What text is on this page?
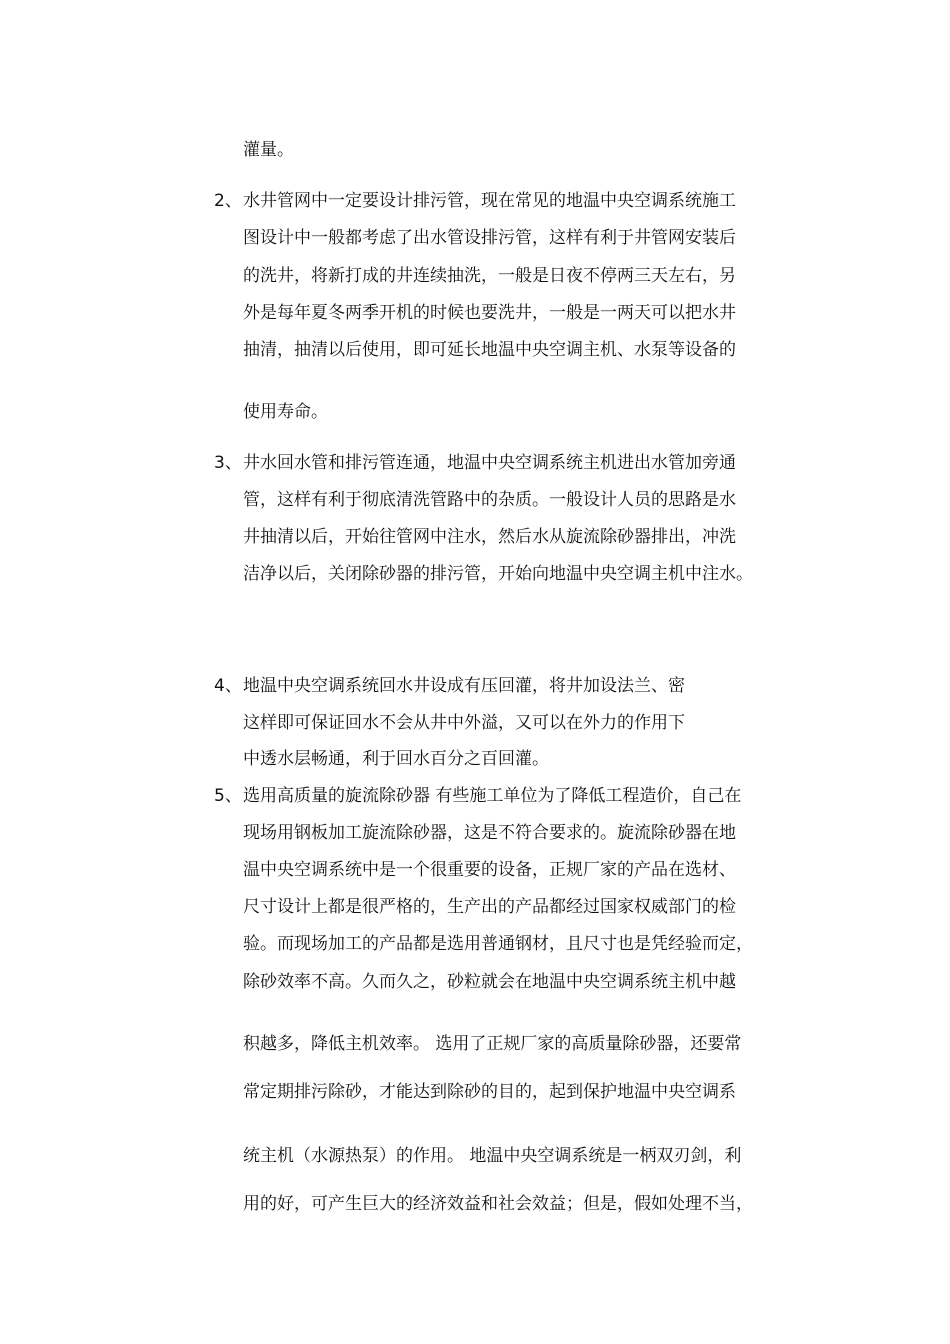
灌量。
2、 水井管网中一定要设计排污管，现在常见的地温中央空调系统施工
图设计中一般都考虑了出水管设排污管，这样有利于井管网安装后
的洗井，将新打成的井连续抽洗，一般是日夜不停两三天左右，另
外是每年夏冬两季开机的时候也要洗井，一般是一两天可以把水井
抽清，抽清以后使用，即可延长地温中央空调主机、水泵等设备的
使用寿命。
3、 井水回水管和排污管连通，地温中央空调系统主机进出水管加旁通
管，这样有利于彻底清洗管路中的杂质。一般设计人员的思路是水
井抽清以后，开始往管网中注水，然后水从旋流除砂器排出，冲洗
洁净以后，关闭除砂器的排污管，开始向地温中央空调主机中注水。
4、 地温中央空调系统回水井设成有压回灌，将井加设法兰、密
这样即可保证回水不会从井中外溢，又可以在外力的作用下
中透水层畅通，利于回水百分之百回灌。
5、 选用高质量的旋流除砂器 有些施工单位为了降低工程造价，自己在
现场用钢板加工旋流除砂器，这是不符合要求的。旋流除砂器在地
温中央空调系统中是一个很重要的设备，正规厂家的产品在选材、
尺寸设计上都是很严格的，生产出的产品都经过国家权威部门的检
验。而现场加工的产品都是选用普通钢材，且尺寸也是凭经验而定，
除砂效率不高。久而久之，砂粒就会在地温中央空调系统主机中越
积越多，降低主机效率。 选用了正规厂家的高质量除砂器，还要常
常定期排污除砂，才能达到除砂的目的，起到保护地温中央空调系
统主机（水源热泵）的作用。 地温中央空调系统是一柄双刃剑，利
用的好，可产生巨大的经济效益和社会效益；但是，假如处理不当，
